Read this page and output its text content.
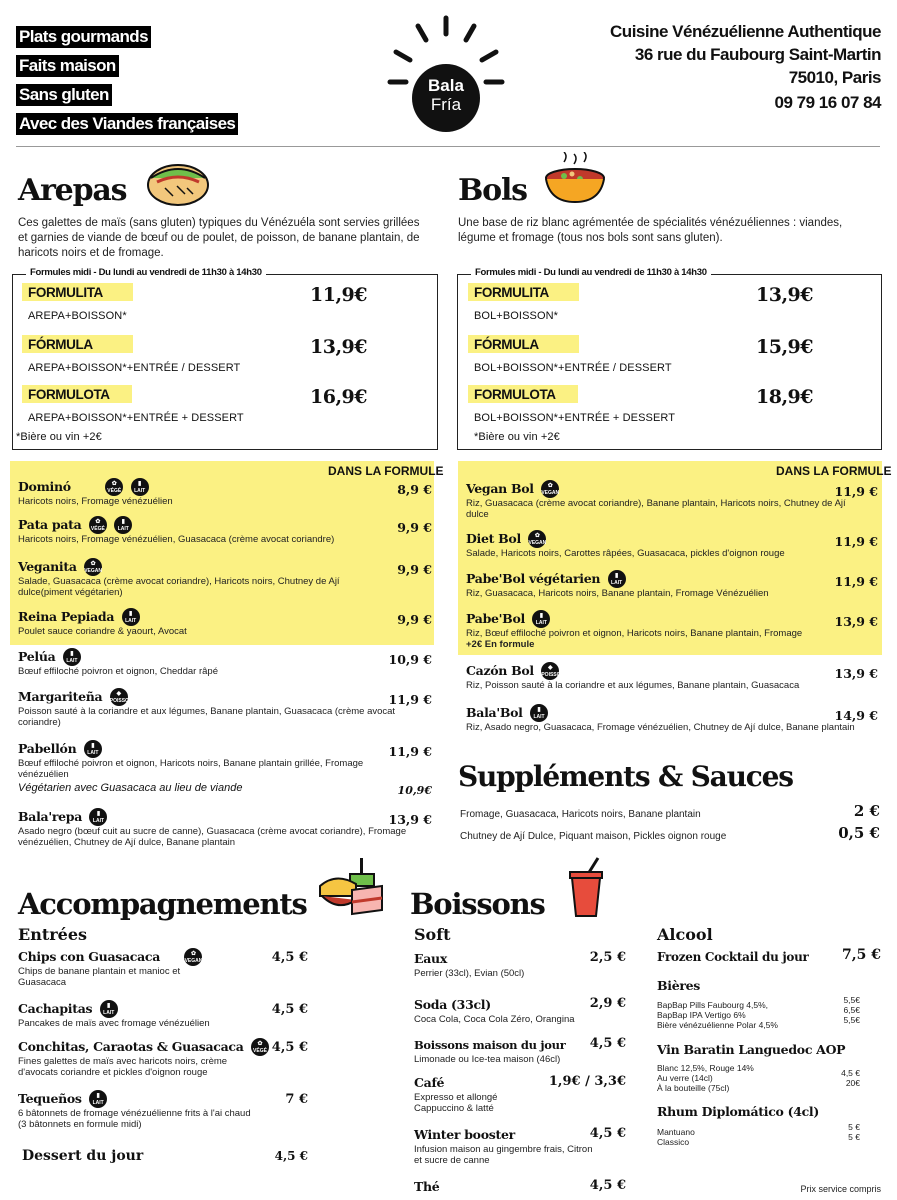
Plats gourmands
Faits maison
Sans gluten
Avec des Viandes françaises
Bala
Fría
Cuisine Vénézuélienne Authentique
36 rue du Faubourg Saint-Martin
75010, Paris
09 79 16 07 84
Arepas
Ces galettes de maïs (sans gluten) typiques du Vénézuéla sont servies grillées et garnies de viande de bœuf ou de poulet, de poisson, de banane plantain, de haricots noirs et de fromage.
Formules midi - Du lundi au vendredi de 11h30 à 14h30
FORMULITA
AREPA+BOISSON*
11,9€
FÓRMULA
AREPA+BOISSON*+ENTRÉE / DESSERT
13,9€
FORMULOTA
AREPA+BOISSON*+ENTRÉE + DESSERT
16,9€
*Bière ou vin +2€
DANS LA FORMULE
Dominó	✿
VÉGÉ
▮
LAIT	8,9 €
Haricots noirs, Fromage vénézuélien
Pata pata	✿
VÉGÉ
▮
LAIT	9,9 €
Haricots noirs, Fromage vénézuélien, Guasacaca (crème avocat coriandre)
Veganita	✿
VEGAN	9,9 €
Salade, Guasacaca (crème avocat coriandre), Haricots noirs, Chutney de Ají dulce(piment végétarien)
Reina Pepiada	▮
LAIT	9,9 €
Poulet sauce coriandre & yaourt, Avocat
Pelúa	▮
LAIT	10,9 €
Bœuf effiloché poivron et oignon, Cheddar râpé
Margariteña	◆
POISSON	11,9 €
Poisson sauté à la coriandre et aux légumes, Banane plantain, Guasacaca (crème avocat coriandre)
Pabellón	▮
LAIT	11,9 €
Bœuf effiloché poivron et oignon, Haricots noirs, Banane plantain grillée, Fromage vénézuélien
Végétarien avec Guasacaca au lieu de viande	10,9€
Bala'repa	▮
LAIT	13,9 €
Asado negro (bœuf cuit au sucre de canne), Guasacaca (crème avocat coriandre), Fromage vénézuélien, Chutney de Ají dulce, Banane plantain
Bols
Une base de riz blanc agrémentée de spécialités vénézuéliennes : viandes, légume et fromage (tous nos bols sont sans gluten).
Formules midi - Du lundi au vendredi de 11h30 à 14h30
FORMULITA
BOL+BOISSON*
13,9€
FÓRMULA
BOL+BOISSON*+ENTRÉE / DESSERT
15,9€
FORMULOTA
BOL+BOISSON*+ENTRÉE + DESSERT
18,9€
*Bière ou vin +2€
DANS LA FORMULE
Vegan Bol	✿
VEGAN	11,9 €
Riz, Guasacaca (crème avocat coriandre), Banane plantain, Haricots noirs, Chutney de Ají dulce
Diet Bol	✿
VEGAN	11,9 €
Salade, Haricots noirs, Carottes râpées, Guasacaca, pickles d'oignon rouge
Pabe'Bol végétarien	▮
LAIT	11,9 €
Riz, Guasacaca, Haricots noirs, Banane plantain, Fromage Vénézuélien
Pabe'Bol	▮
LAIT	13,9 €
Riz, Bœuf effiloché poivron et oignon, Haricots noirs, Banane plantain, Fromage
+2€ En formule
Cazón Bol	◆
POISSON	13,9 €
Riz, Poisson sauté à la coriandre et aux légumes, Banane plantain, Guasacaca
Bala'Bol	▮
LAIT	14,9 €
Riz, Asado negro, Guasacaca, Fromage vénézuélien, Chutney de Ají dulce, Banane plantain
Suppléments & Sauces
Fromage, Guasacaca, Haricots noirs, Banane plantain	2 €
Chutney de Ají Dulce, Piquant maison, Pickles oignon rouge	0,5 €
Accompagnements
Entrées
Chips con Guasacaca	✿
VEGAN	4,5 €
Chips de banane plantain et manioc et Guasacaca
Cachapitas	▮
LAIT	4,5 €
Pancakes de maïs avec fromage vénézuélien
Conchitas, Caraotas & Guasacaca	✿
VÉGÉ 4,5 €
Fines galettes de maïs avec haricots noirs, crème d'avocats coriandre et pickles d'oignon rouge
Tequeños	▮
LAIT	7 €
6 bâtonnets de fromage vénézuélienne frits à l'ai chaud (3 bâtonnets en formule midi)
Dessert du jour	4,5 €
Boissons
Soft
Eaux	2,5 €
Perrier (33cl), Evian (50cl)
Soda (33cl)	2,9 €
Coca Cola, Coca Cola Zéro, Orangina
Boissons maison du jour 4,5 €
Limonade ou Ice-tea maison (46cl)
Café	1,9€ / 3,3€
Expresso et allongé
Cappuccino & latté
Winter booster	4,5 €
Infusion maison au gingembre frais, Citron et sucre de canne
Thé	4,5 €
Alcool
Frozen Cocktail du jour 7,5 €
Bières
BapBap Pills Faubourg 4,5%,	5,5€
BapBap IPA Vertigo 6%	6,5€
Bière vénézuélienne Polar 4,5%	5,5€
Vin Baratin Languedoc AOP
Blanc 12,5%, Rouge 14%
Au verre (14cl)	4,5 €
À la bouteille (75cl)	20€
Rhum Diplomático (4cl)
Mantuano	5 €
Classico	5 €
Prix service compris
